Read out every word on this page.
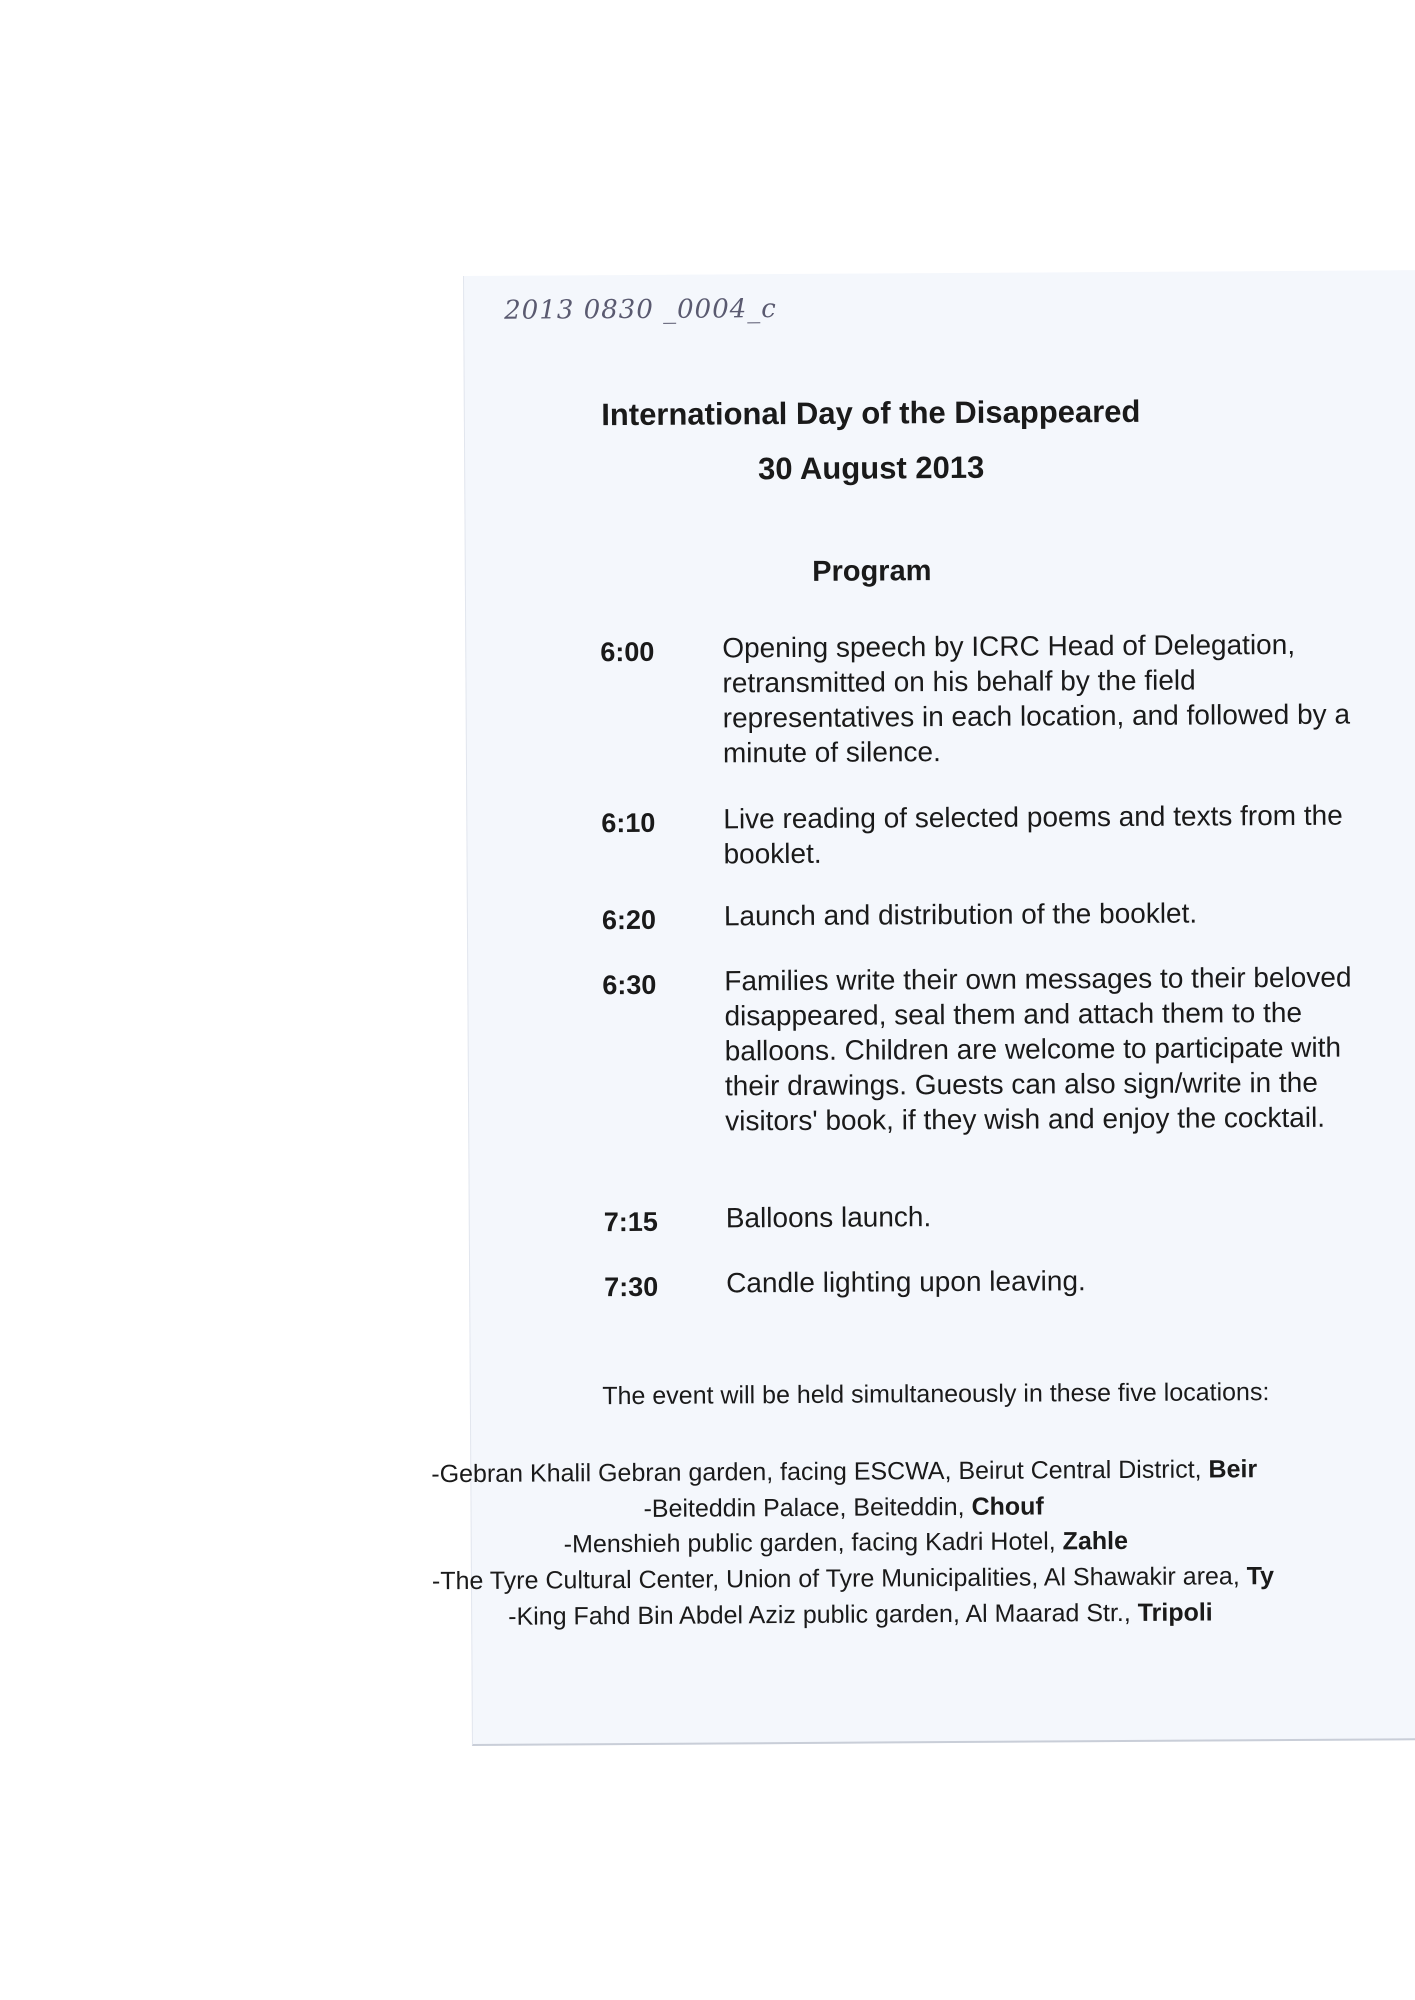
2013 0830 _0004_c
International Day of the Disappeared
30 August 2013
Program
6:00 Opening speech by ICRC Head of Delegation, retransmitted on his behalf by the field representatives in each location, and followed by a minute of silence.
6:10 Live reading of selected poems and texts from the booklet.
6:20 Launch and distribution of the booklet.
6:30 Families write their own messages to their beloved disappeared, seal them and attach them to the balloons. Children are welcome to participate with their drawings. Guests can also sign/write in the visitors' book, if they wish and enjoy the cocktail.
7:15 Balloons launch.
7:30 Candle lighting upon leaving.
The event will be held simultaneously in these five locations:
-Gebran Khalil Gebran garden, facing ESCWA, Beirut Central District, Beir
-Beiteddin Palace, Beiteddin, Chouf
-Menshieh public garden, facing Kadri Hotel, Zahle
-The Tyre Cultural Center, Union of Tyre Municipalities, Al Shawakir area, Ty
-King Fahd Bin Abdel Aziz public garden, Al Maarad Str., Tripoli
